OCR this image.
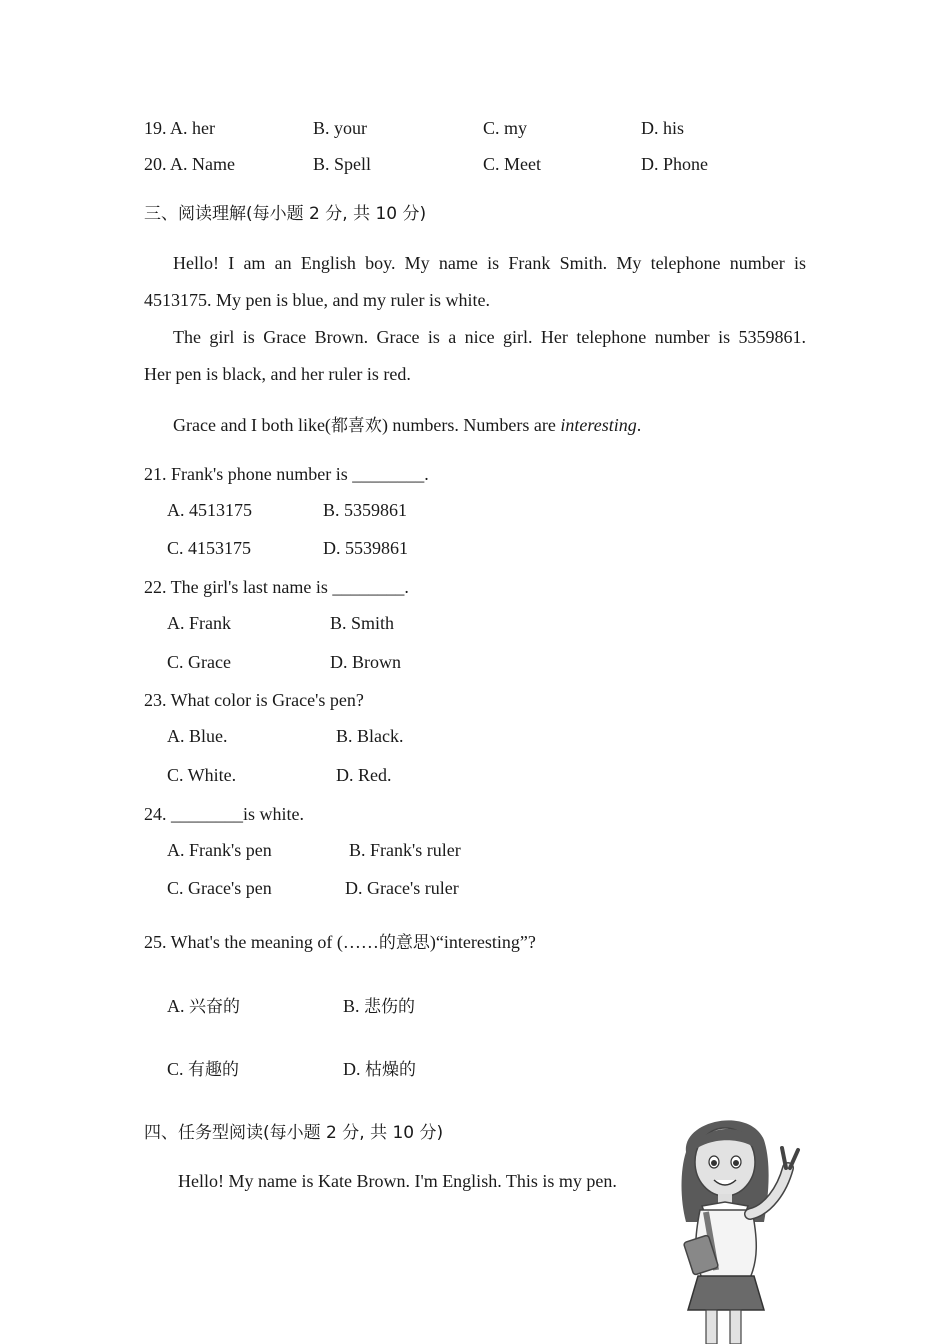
19. A. her	B. your	C. my	D. his
20. A. Name	B. Spell	C. Meet	D. Phone
三、阅读理解(每小题 2 分, 共 10 分)

Hello! I am an English boy. My name is Frank Smith. My telephone number is

4513175. My pen is blue, and my ruler is white.

The girl is Grace Brown. Grace is a nice girl. Her telephone number is 5359861.

Her pen is black, and her ruler is red.

Grace and I both like(都喜欢) numbers. Numbers are interesting.
21. Frank's phone number is ________.
A. 4513175	B. 5359861
C. 4153175	D. 5539861
22. The girl's last name is ________.
A. Frank	B. Smith
C. Grace	D. Brown
23. What color is Grace's pen?
A. Blue.	B. Black.
C. White.	D. Red.
24. ________is white.
A. Frank's pen	B. Frank's ruler
C. Grace's pen	D. Grace's ruler
25. What's the meaning of (……的意思)“interesting”?
A. 兴奋的	B. 悲伤的
C. 有趣的	D. 枯燥的
四、任务型阅读(每小题 2 分, 共 10 分)
Hello! My name is Kate Brown. I'm English. This is my pen.
